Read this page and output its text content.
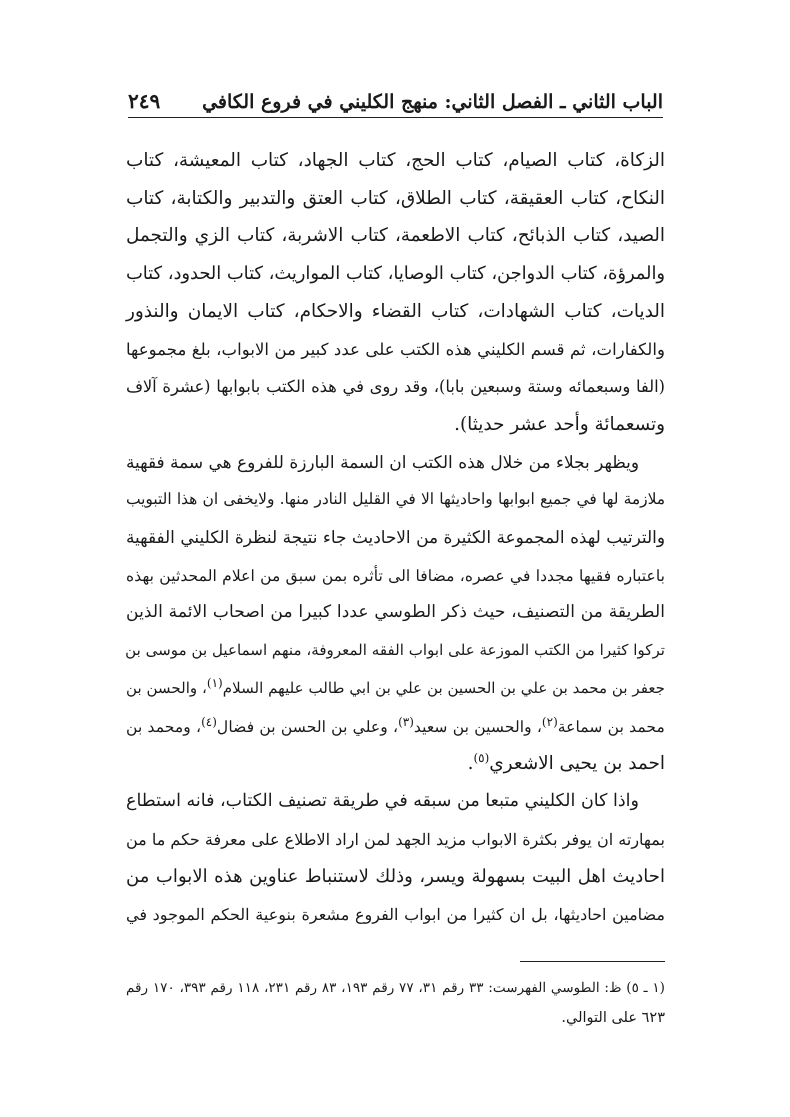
الباب الثاني ـ الفصل الثاني: منهج الكليني في فروع الكافي
٢٤٩

الزكاة، كتاب الصيام، كتاب الحج، كتاب الجهاد، كتاب المعيشة، كتاب
النكاح، كتاب العقيقة، كتاب الطلاق، كتاب العتق والتدبير والكتابة، كتاب
الصيد، كتاب الذبائح، كتاب الاطعمة، كتاب الاشربة، كتاب الزي والتجمل
والمرؤة، كتاب الدواجن، كتاب الوصايا، كتاب المواريث، كتاب الحدود، كتاب
الديات، كتاب الشهادات، كتاب القضاء والاحكام، كتاب الايمان والنذور
والكفارات، ثم قسم الكليني هذه الكتب على عدد كبير من الابواب، بلغ مجموعها
(الفا وسبعمائه وستة وسبعين بابا)، وقد روى في هذه الكتب بابوابها (عشرة آلاف
وتسعمائة وأحد عشر حديثا).

ويظهر بجلاء من خلال هذه الكتب ان السمة البارزة للفروع هي سمة فقهية
ملازمة لها في جميع ابوابها واحاديثها الا في القليل النادر منها. ولايخفى ان هذا التبويب
والترتيب لهذه المجموعة الكثيرة من الاحاديث جاء نتيجة لنظرة الكليني الفقهية
باعتباره فقيها مجددا في عصره، مضافا الى تأثره بمن سبق من اعلام المحدثين بهذه
الطريقة من التصنيف، حيث ذكر الطوسي عددا كبيرا من اصحاب الائمة الذين
تركوا كثيرا من الكتب الموزعة على ابواب الفقه المعروفة، منهم اسماعيل بن موسى بن
جعفر بن محمد بن علي بن الحسين بن علي بن ابي طالب عليهم السلام$^{(١)}$، والحسن بن
محمد بن سماعة$^{(٢)}$، والحسين بن سعيد$^{(٣)}$، وعلي بن الحسن بن فضال$^{(٤)}$، ومحمد بن
احمد بن يحيى الاشعري$^{(٥)}$.

واذا كان الكليني متبعا من سبقه في طريقة تصنيف الكتاب، فانه استطاع
بمهارته ان يوفر بكثرة الابواب مزيد الجهد لمن اراد الاطلاع على معرفة حكم ما من
احاديث اهل البيت بسهولة ويسر، وذلك لاستنباط عناوين هذه الابواب من
مضامين احاديثها، بل ان كثيرا من ابواب الفروع مشعرة بنوعية الحكم الموجود في

(١ ـ ٥) ظ: الطوسي الفهرست: ٣٣ رقم ٣١، ٧٧ رقم ١٩٣، ٨٣ رقم ٢٣١، ١١٨ رقم ٣٩٣، ١٧٠ رقم
٦٢٣ على التوالي.
